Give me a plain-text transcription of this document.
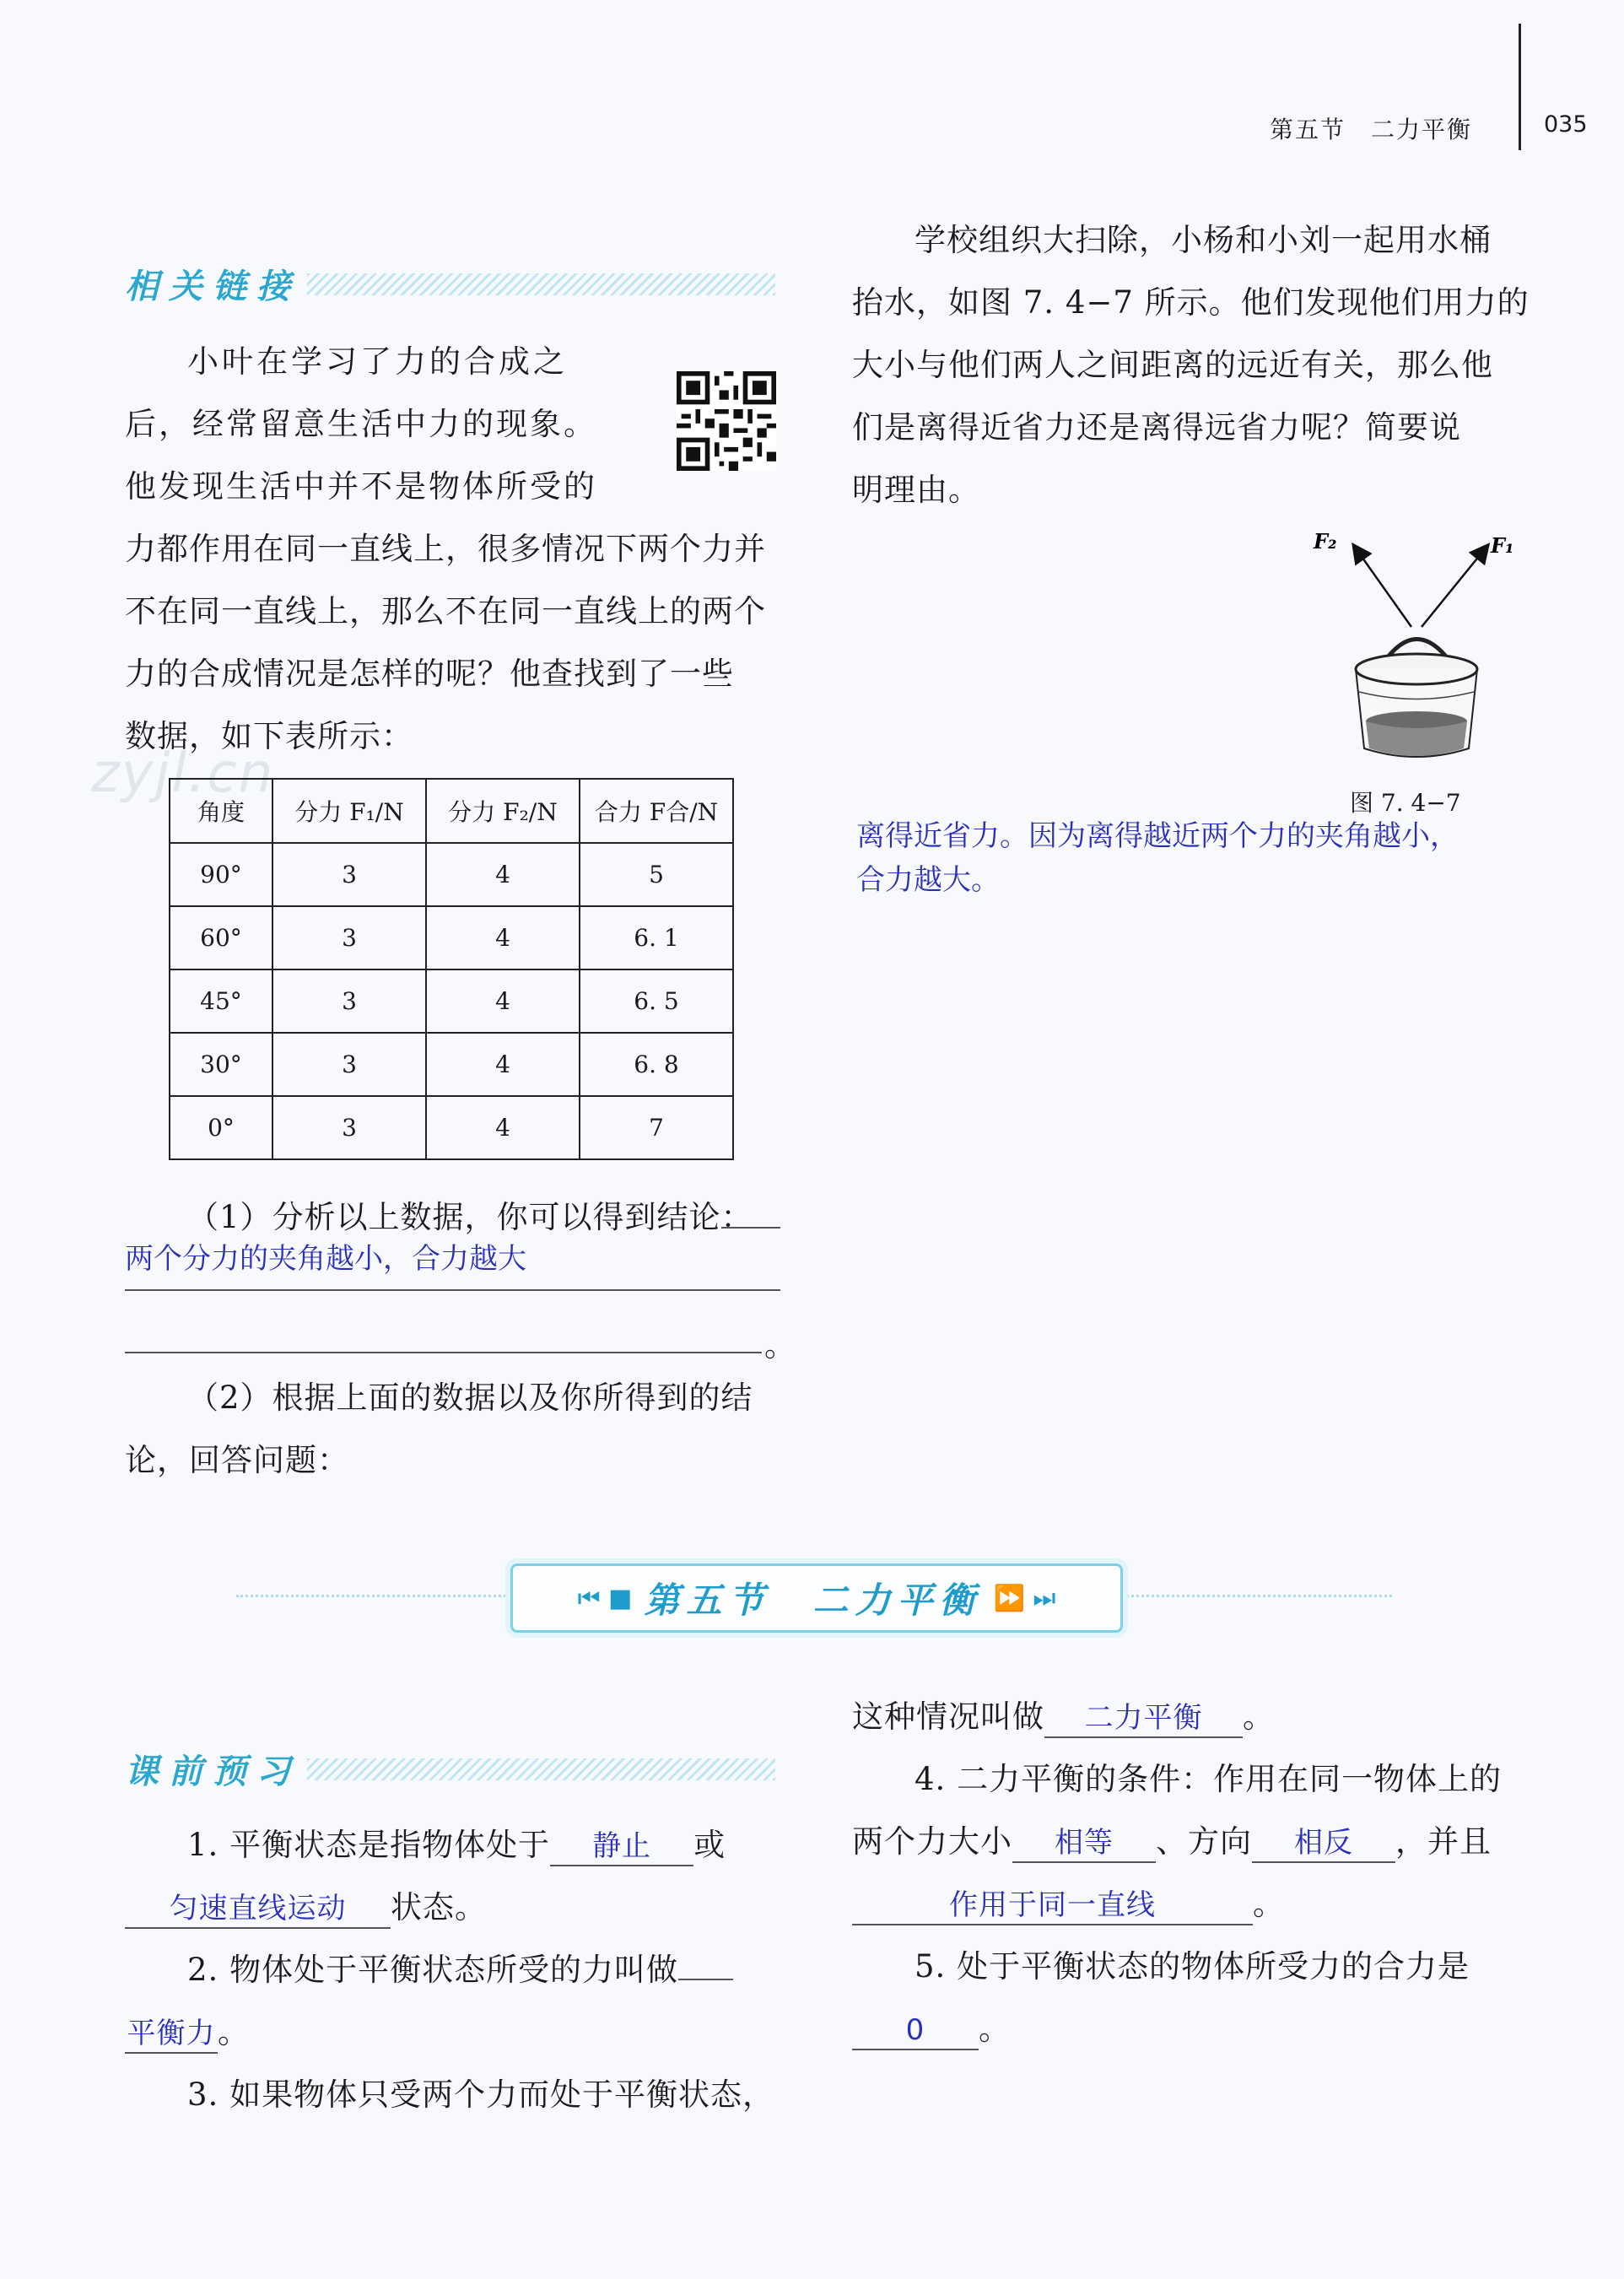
第五节　二力平衡	035
zyjl.cn
相关链接
小叶在学习了力的合成之
后，经常留意生活中力的现象。
他发现生活中并不是物体所受的
力都作用在同一直线上，很多情况下两个力并
不在同一直线上，那么不在同一直线上的两个
力的合成情况是怎样的呢？他查找到了一些
数据，如下表所示：
角度	分力 F₁/N	分力 F₂/N	合力 F合/N
90°	3	4	5
60°	3	4	6. 1
45°	3	4	6. 5
30°	3	4	6. 8
0°	3	4	7
（1）分析以上数据，你可以得到结论：
两个分力的夹角越小，合力越大
。
（2）根据上面的数据以及你所得到的结
论，回答问题：
学校组织大扫除，小杨和小刘一起用水桶
抬水，如图 7. 4−7 所示。他们发现他们用力的
大小与他们两人之间距离的远近有关，那么他
们是离得近省力还是离得远省力呢？简要说
明理由。
F₂	F₁
图 7. 4−7
离得近省力。因为离得越近两个力的夹角越小，
合力越大。
⏮ ■ 第五节　二力平衡 ⏩ ⏭
课前预习
1. 平衡状态是指物体处于 静止 或
匀速直线运动 状态。
2. 物体处于平衡状态所受的力叫做
平衡力。
3. 如果物体只受两个力而处于平衡状态，
这种情况叫做 二力平衡 。
4. 二力平衡的条件：作用在同一物体上的
两个力大小 相等 、方向 相反 ，并且
作用于同一直线	。
5. 处于平衡状态的物体所受力的合力是
0 。
